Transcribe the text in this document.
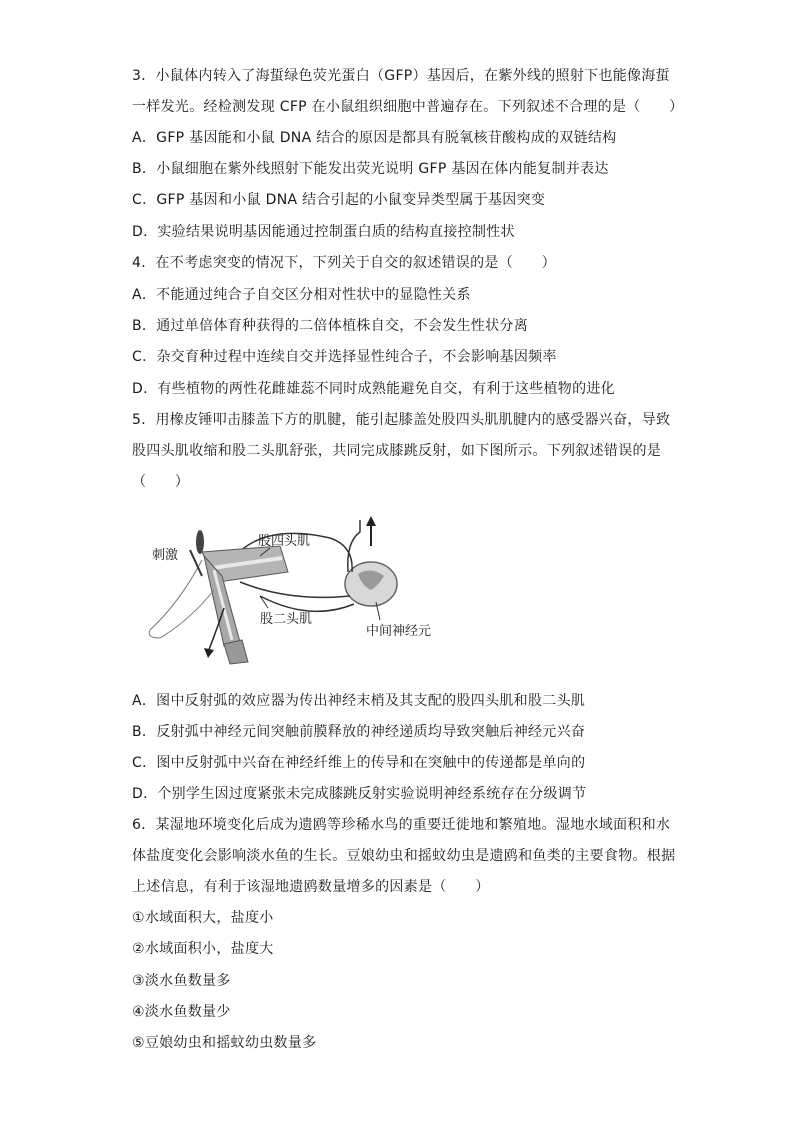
3．小鼠体内转入了海蜇绿色荧光蛋白（GFP）基因后，在紫外线的照射下也能像海蜇
一样发光。经检测发现 CFP 在小鼠组织细胞中普遍存在。下列叙述不合理的是（　　）
A．GFP 基因能和小鼠 DNA 结合的原因是都具有脱氧核苷酸构成的双链结构
B．小鼠细胞在紫外线照射下能发出荧光说明 GFP 基因在体内能复制并表达
C．GFP 基因和小鼠 DNA 结合引起的小鼠变异类型属于基因突变
D．实验结果说明基因能通过控制蛋白质的结构直接控制性状
4．在不考虑突变的情况下，下列关于自交的叙述错误的是（　　）
A．不能通过纯合子自交区分相对性状中的显隐性关系
B．通过单倍体育种获得的二倍体植株自交，不会发生性状分离
C．杂交育种过程中连续自交并选择显性纯合子，不会影响基因频率
D．有些植物的两性花雌雄蕊不同时成熟能避免自交，有利于这些植物的进化
5．用橡皮锤叩击膝盖下方的肌腱，能引起膝盖处股四头肌肌腱内的感受器兴奋，导致
股四头肌收缩和股二头肌舒张，共同完成膝跳反射，如下图所示。下列叙述错误的是
（　　）
刺激
股四头肌
股二头肌
中间神经元
A．图中反射弧的效应器为传出神经末梢及其支配的股四头肌和股二头肌
B．反射弧中神经元间突触前膜释放的神经递质均导致突触后神经元兴奋
C．图中反射弧中兴奋在神经纤维上的传导和在突触中的传递都是单向的
D．个别学生因过度紧张未完成膝跳反射实验说明神经系统存在分级调节
6．某湿地环境变化后成为遗鸥等珍稀水鸟的重要迁徙地和繁殖地。湿地水域面积和水
体盐度变化会影响淡水鱼的生长。豆娘幼虫和摇蚊幼虫是遗鸥和鱼类的主要食物。根据
上述信息，有利于该湿地遗鸥数量增多的因素是（　　）
①水域面积大，盐度小
②水域面积小，盐度大
③淡水鱼数量多
④淡水鱼数量少
⑤豆娘幼虫和摇蚊幼虫数量多
